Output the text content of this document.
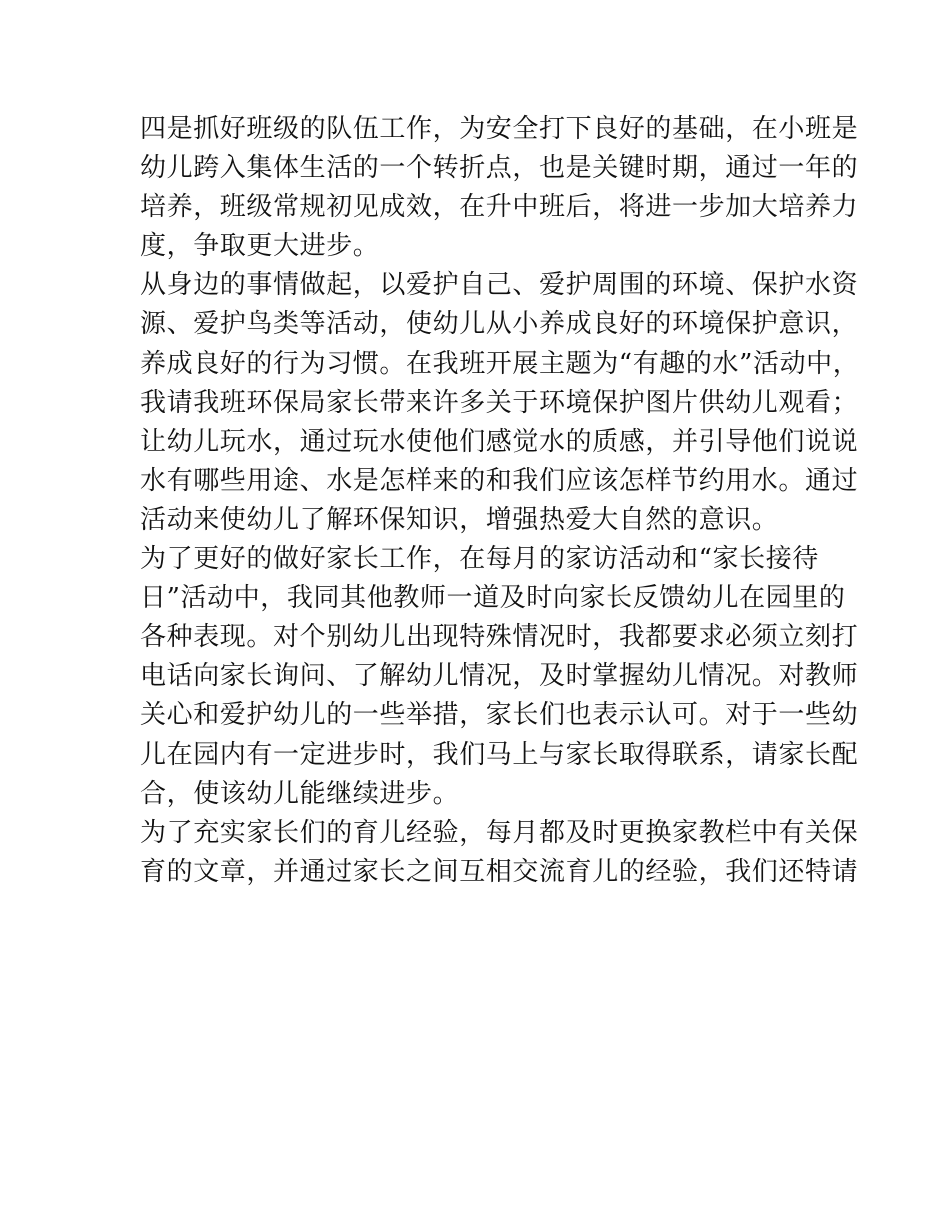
四是抓好班级的队伍工作，为安全打下良好的基础，在小班是
幼儿跨入集体生活的一个转折点，也是关键时期，通过一年的
培养，班级常规初见成效，在升中班后，将进一步加大培养力
度，争取更大进步。
从身边的事情做起，以爱护自己、爱护周围的环境、保护水资
源、爱护鸟类等活动，使幼儿从小养成良好的环境保护意识，
养成良好的行为习惯。在我班开展主题为“有趣的水”活动中，
我请我班环保局家长带来许多关于环境保护图片供幼儿观看；
让幼儿玩水，通过玩水使他们感觉水的质感，并引导他们说说
水有哪些用途、水是怎样来的和我们应该怎样节约用水。通过
活动来使幼儿了解环保知识，增强热爱大自然的意识。
为了更好的做好家长工作，在每月的家访活动和“家长接待
日”活动中，我同其他教师一道及时向家长反馈幼儿在园里的
各种表现。对个别幼儿出现特殊情况时，我都要求必须立刻打
电话向家长询问、了解幼儿情况，及时掌握幼儿情况。对教师
关心和爱护幼儿的一些举措，家长们也表示认可。对于一些幼
儿在园内有一定进步时，我们马上与家长取得联系，请家长配
合，使该幼儿能继续进步。
为了充实家长们的育儿经验，每月都及时更换家教栏中有关保
育的文章，并通过家长之间互相交流育儿的经验，我们还特请
